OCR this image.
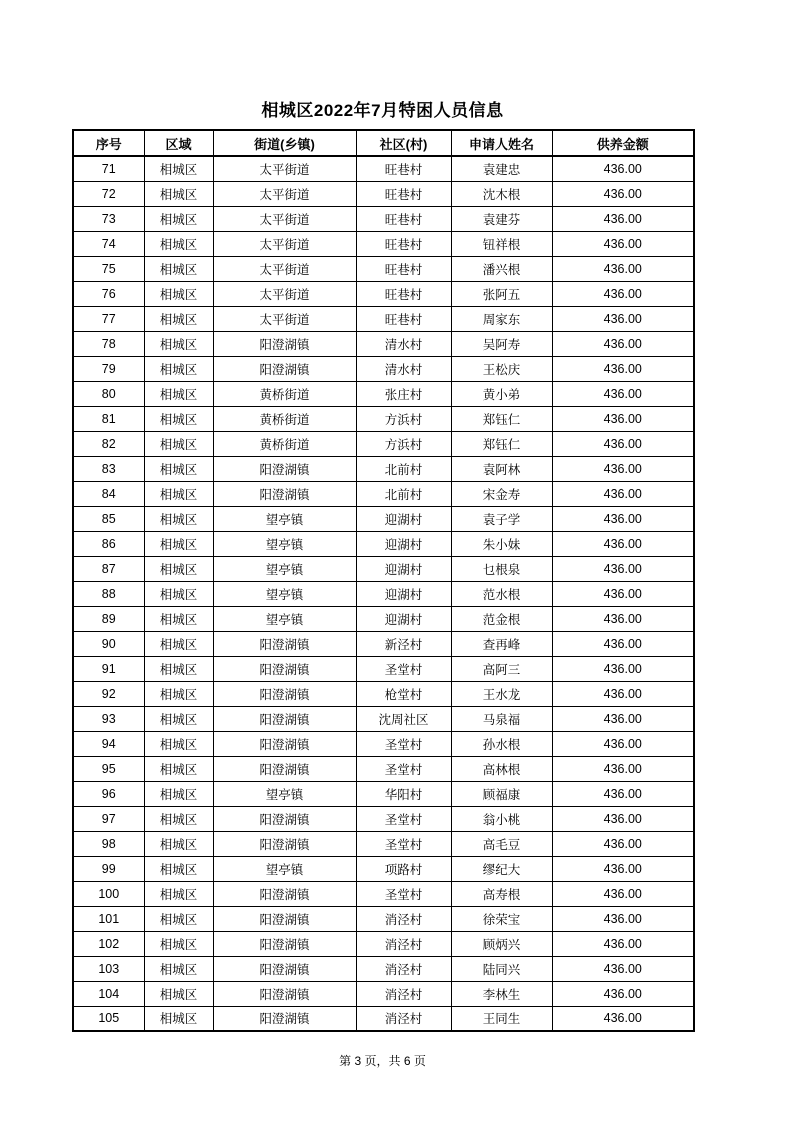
相城区2022年7月特困人员信息
序号	区域	街道(乡镇)	社区(村)	申请人姓名	供养金额
71	相城区	太平街道	旺巷村	袁建忠	436.00
72	相城区	太平街道	旺巷村	沈木根	436.00
73	相城区	太平街道	旺巷村	袁建芬	436.00
74	相城区	太平街道	旺巷村	钮祥根	436.00
75	相城区	太平街道	旺巷村	潘兴根	436.00
76	相城区	太平街道	旺巷村	张阿五	436.00
77	相城区	太平街道	旺巷村	周家东	436.00
78	相城区	阳澄湖镇	清水村	吴阿寿	436.00
79	相城区	阳澄湖镇	清水村	王松庆	436.00
80	相城区	黄桥街道	张庄村	黄小弟	436.00
81	相城区	黄桥街道	方浜村	郑钰仁	436.00
82	相城区	黄桥街道	方浜村	郑钰仁	436.00
83	相城区	阳澄湖镇	北前村	袁阿林	436.00
84	相城区	阳澄湖镇	北前村	宋金寿	436.00
85	相城区	望亭镇	迎湖村	袁子学	436.00
86	相城区	望亭镇	迎湖村	朱小妹	436.00
87	相城区	望亭镇	迎湖村	乜根泉	436.00
88	相城区	望亭镇	迎湖村	范水根	436.00
89	相城区	望亭镇	迎湖村	范金根	436.00
90	相城区	阳澄湖镇	新泾村	查再峰	436.00
91	相城区	阳澄湖镇	圣堂村	高阿三	436.00
92	相城区	阳澄湖镇	枪堂村	王水龙	436.00
93	相城区	阳澄湖镇	沈周社区	马泉福	436.00
94	相城区	阳澄湖镇	圣堂村	孙水根	436.00
95	相城区	阳澄湖镇	圣堂村	高林根	436.00
96	相城区	望亭镇	华阳村	顾福康	436.00
97	相城区	阳澄湖镇	圣堂村	翁小桃	436.00
98	相城区	阳澄湖镇	圣堂村	高毛豆	436.00
99	相城区	望亭镇	项路村	缪纪大	436.00
100	相城区	阳澄湖镇	圣堂村	高寿根	436.00
101	相城区	阳澄湖镇	消泾村	徐荣宝	436.00
102	相城区	阳澄湖镇	消泾村	顾炳兴	436.00
103	相城区	阳澄湖镇	消泾村	陆同兴	436.00
104	相城区	阳澄湖镇	消泾村	李林生	436.00
105	相城区	阳澄湖镇	消泾村	王同生	436.00
第 3 页，共 6 页
